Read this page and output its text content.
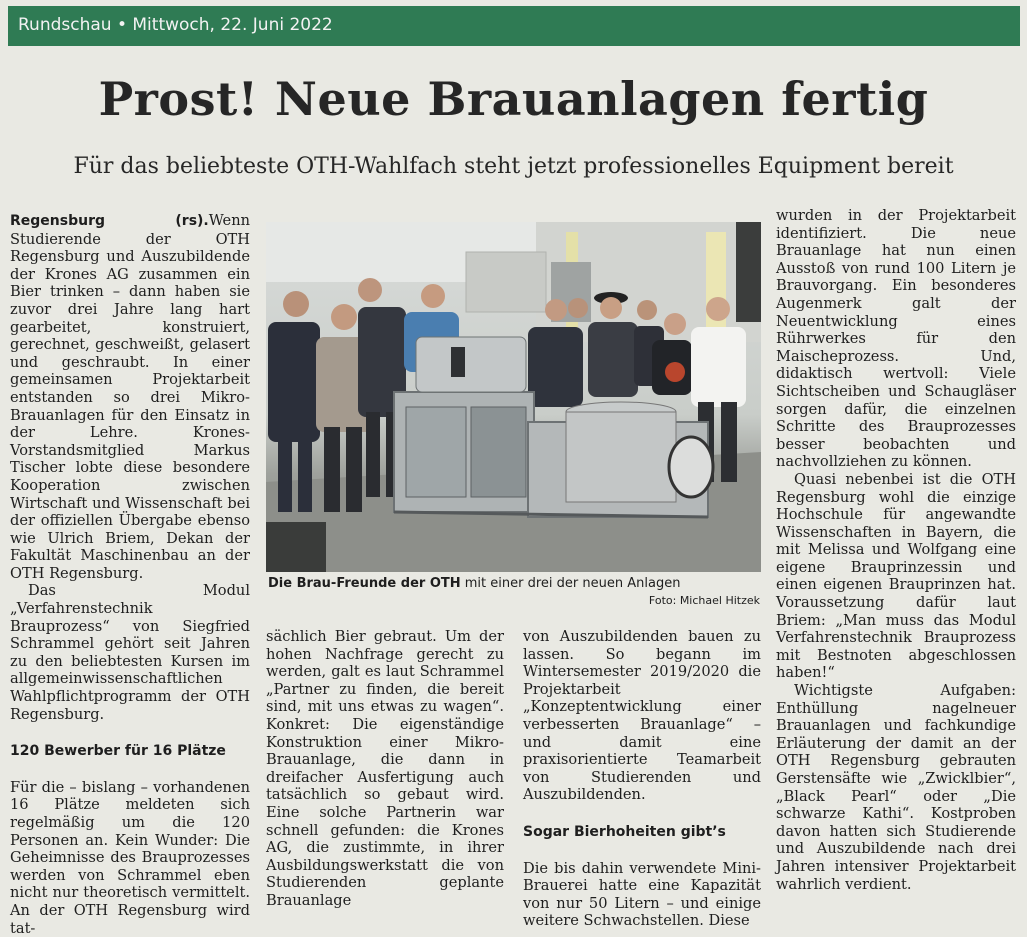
Rundschau • Mittwoch, 22. Juni 2022
Prost! Neue Brauanlagen fertig
Für das beliebteste OTH-Wahlfach steht jetzt professionelles Equipment bereit

Regensburg (rs).Wenn Studierende der OTH Regensburg und Auszubildende der Krones AG zusammen ein Bier trinken – dann haben sie zuvor drei Jahre lang hart gearbeitet, konstruiert, gerechnet, geschweißt, gelasert und geschraubt. In einer gemeinsamen Projektarbeit entstanden so drei Mikro-Brauanlagen für den Einsatz in der Lehre. Krones-Vorstandsmitglied Markus Tischer lobte diese besondere Kooperation zwischen Wirtschaft und Wissenschaft bei der offiziellen Übergabe ebenso wie Ulrich Briem, Dekan der Fakultät Maschinenbau an der OTH Regensburg.

Das Modul „Verfahrenstechnik Brauprozess“ von Siegfried Schrammel gehört seit Jahren zu den beliebtesten Kursen im allgemeinwissenschaftlichen Wahlpflichtprogramm der OTH Regensburg.

120 Bewerber für 16 Plätze

Für die – bislang – vorhandenen 16 Plätze meldeten sich regelmäßig um die 120 Personen an. Kein Wunder: Die Geheimnisse des Brauprozesses werden von Schrammel eben nicht nur theoretisch vermittelt. An der OTH Regensburg wird tat-

Die Brau-Freunde der OTH mit einer drei der neuen Anlagen
Foto: Michael Hitzek

sächlich Bier gebraut. Um der hohen Nachfrage gerecht zu werden, galt es laut Schrammel „Partner zu finden, die bereit sind, mit uns etwas zu wagen“. Konkret: Die eigenständige Konstruktion einer Mikro-Brauanlage, die dann in dreifacher Ausfertigung auch tatsächlich so gebaut wird. Eine solche Partnerin war schnell gefunden: die Krones AG, die zustimmte, in ihrer Ausbildungswerkstatt die von Studierenden geplante Brauanlage

von Auszubildenden bauen zu lassen. So begann im Wintersemester 2019/2020 die Projektarbeit „Konzeptentwicklung einer verbesserten Brauanlage“ – und damit eine praxisorientierte Teamarbeit von Studierenden und Auszubildenden.

Sogar Bierhoheiten gibt’s

Die bis dahin verwendete Mini-Brauerei hatte eine Kapazität von nur 50 Litern – und einige weitere Schwachstellen. Diese

wurden in der Projektarbeit identifiziert. Die neue Brauanlage hat nun einen Ausstoß von rund 100 Litern je Brauvorgang. Ein besonderes Augenmerk galt der Neuentwicklung eines Rührwerkes für den Maischeprozess. Und, didaktisch wertvoll: Viele Sichtscheiben und Schaugläser sorgen dafür, die einzelnen Schritte des Brauprozesses besser beobachten und nachvollziehen zu können.

Quasi nebenbei ist die OTH Regensburg wohl die einzige Hochschule für angewandte Wissenschaften in Bayern, die mit Melissa und Wolfgang eine eigene Brauprinzessin und einen eigenen Brauprinzen hat. Voraussetzung dafür laut Briem: „Man muss das Modul Verfahrenstechnik Brauprozess mit Bestnoten abgeschlossen haben!“

Wichtigste Aufgaben: Enthüllung nagelneuer Brauanlagen und fachkundige Erläuterung der damit an der OTH Regensburg gebrauten Gerstensäfte wie „Zwicklbier“, „Black Pearl“ oder „Die schwarze Kathi“. Kostproben davon hatten sich Studierende und Auszubildende nach drei Jahren intensiver Projektarbeit wahrlich verdient.
